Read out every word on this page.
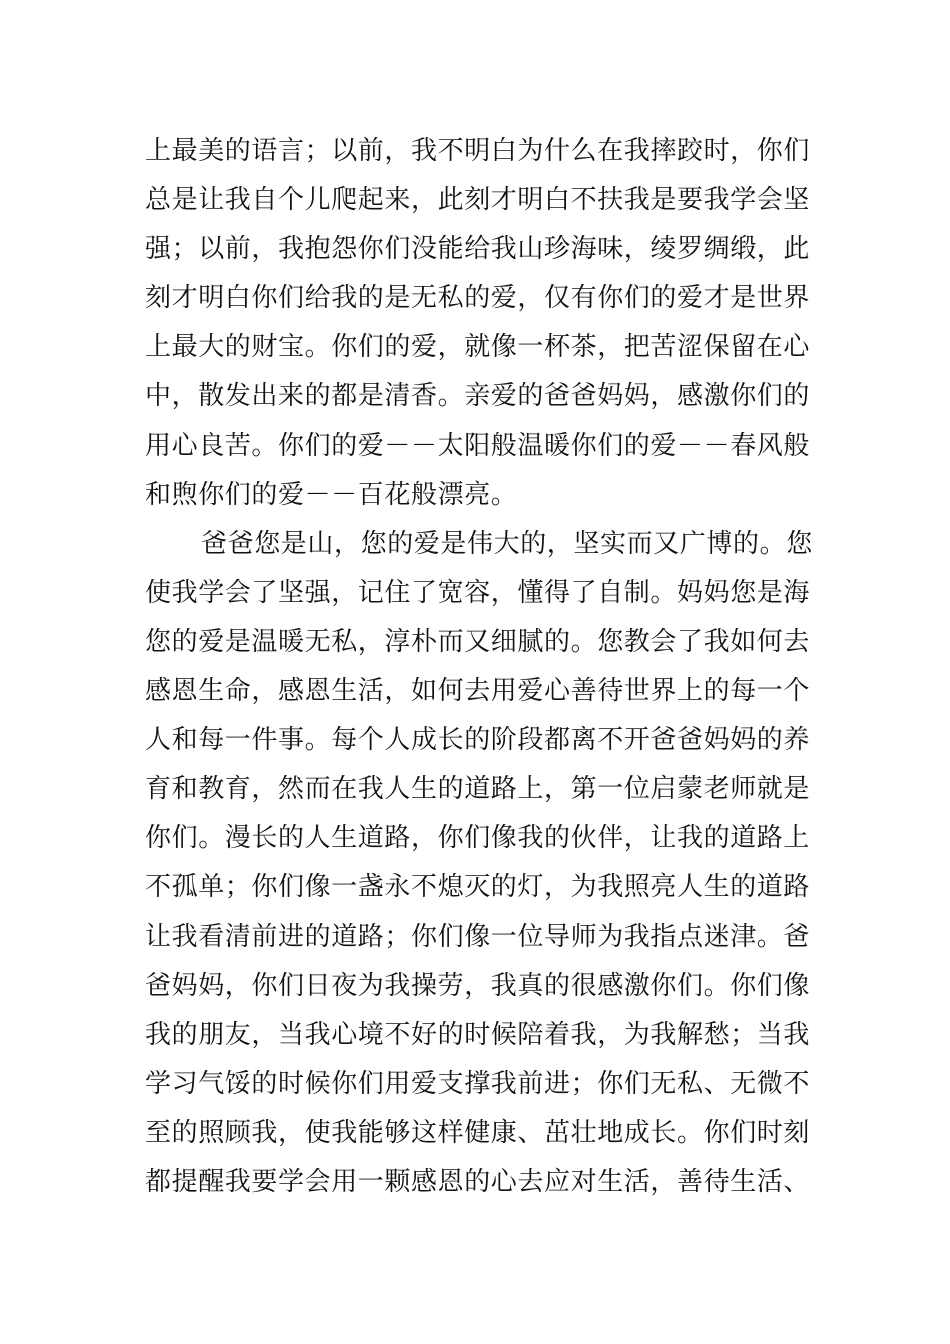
上最美的语言；以前，我不明白为什么在我摔跤时，你们
总是让我自个儿爬起来，此刻才明白不扶我是要我学会坚
强；以前，我抱怨你们没能给我山珍海味，绫罗绸缎，此
刻才明白你们给我的是无私的爱，仅有你们的爱才是世界
上最大的财宝。你们的爱，就像一杯茶，把苦涩保留在心
中，散发出来的都是清香。亲爱的爸爸妈妈，感激你们的
用心良苦。你们的爱－－太阳般温暖你们的爱－－春风般
和煦你们的爱－－百花般漂亮。
爸爸您是山，您的爱是伟大的，坚实而又广博的。您
使我学会了坚强，记住了宽容，懂得了自制。妈妈您是海
您的爱是温暖无私，淳朴而又细腻的。您教会了我如何去
感恩生命，感恩生活，如何去用爱心善待世界上的每一个
人和每一件事。每个人成长的阶段都离不开爸爸妈妈的养
育和教育，然而在我人生的道路上，第一位启蒙老师就是
你们。漫长的人生道路，你们像我的伙伴，让我的道路上
不孤单；你们像一盏永不熄灭的灯，为我照亮人生的道路
让我看清前进的道路；你们像一位导师为我指点迷津。爸
爸妈妈，你们日夜为我操劳，我真的很感激你们。你们像
我的朋友，当我心境不好的时候陪着我，为我解愁；当我
学习气馁的时候你们用爱支撑我前进；你们无私、无微不
至的照顾我，使我能够这样健康、茁壮地成长。你们时刻
都提醒我要学会用一颗感恩的心去应对生活，善待生活、
